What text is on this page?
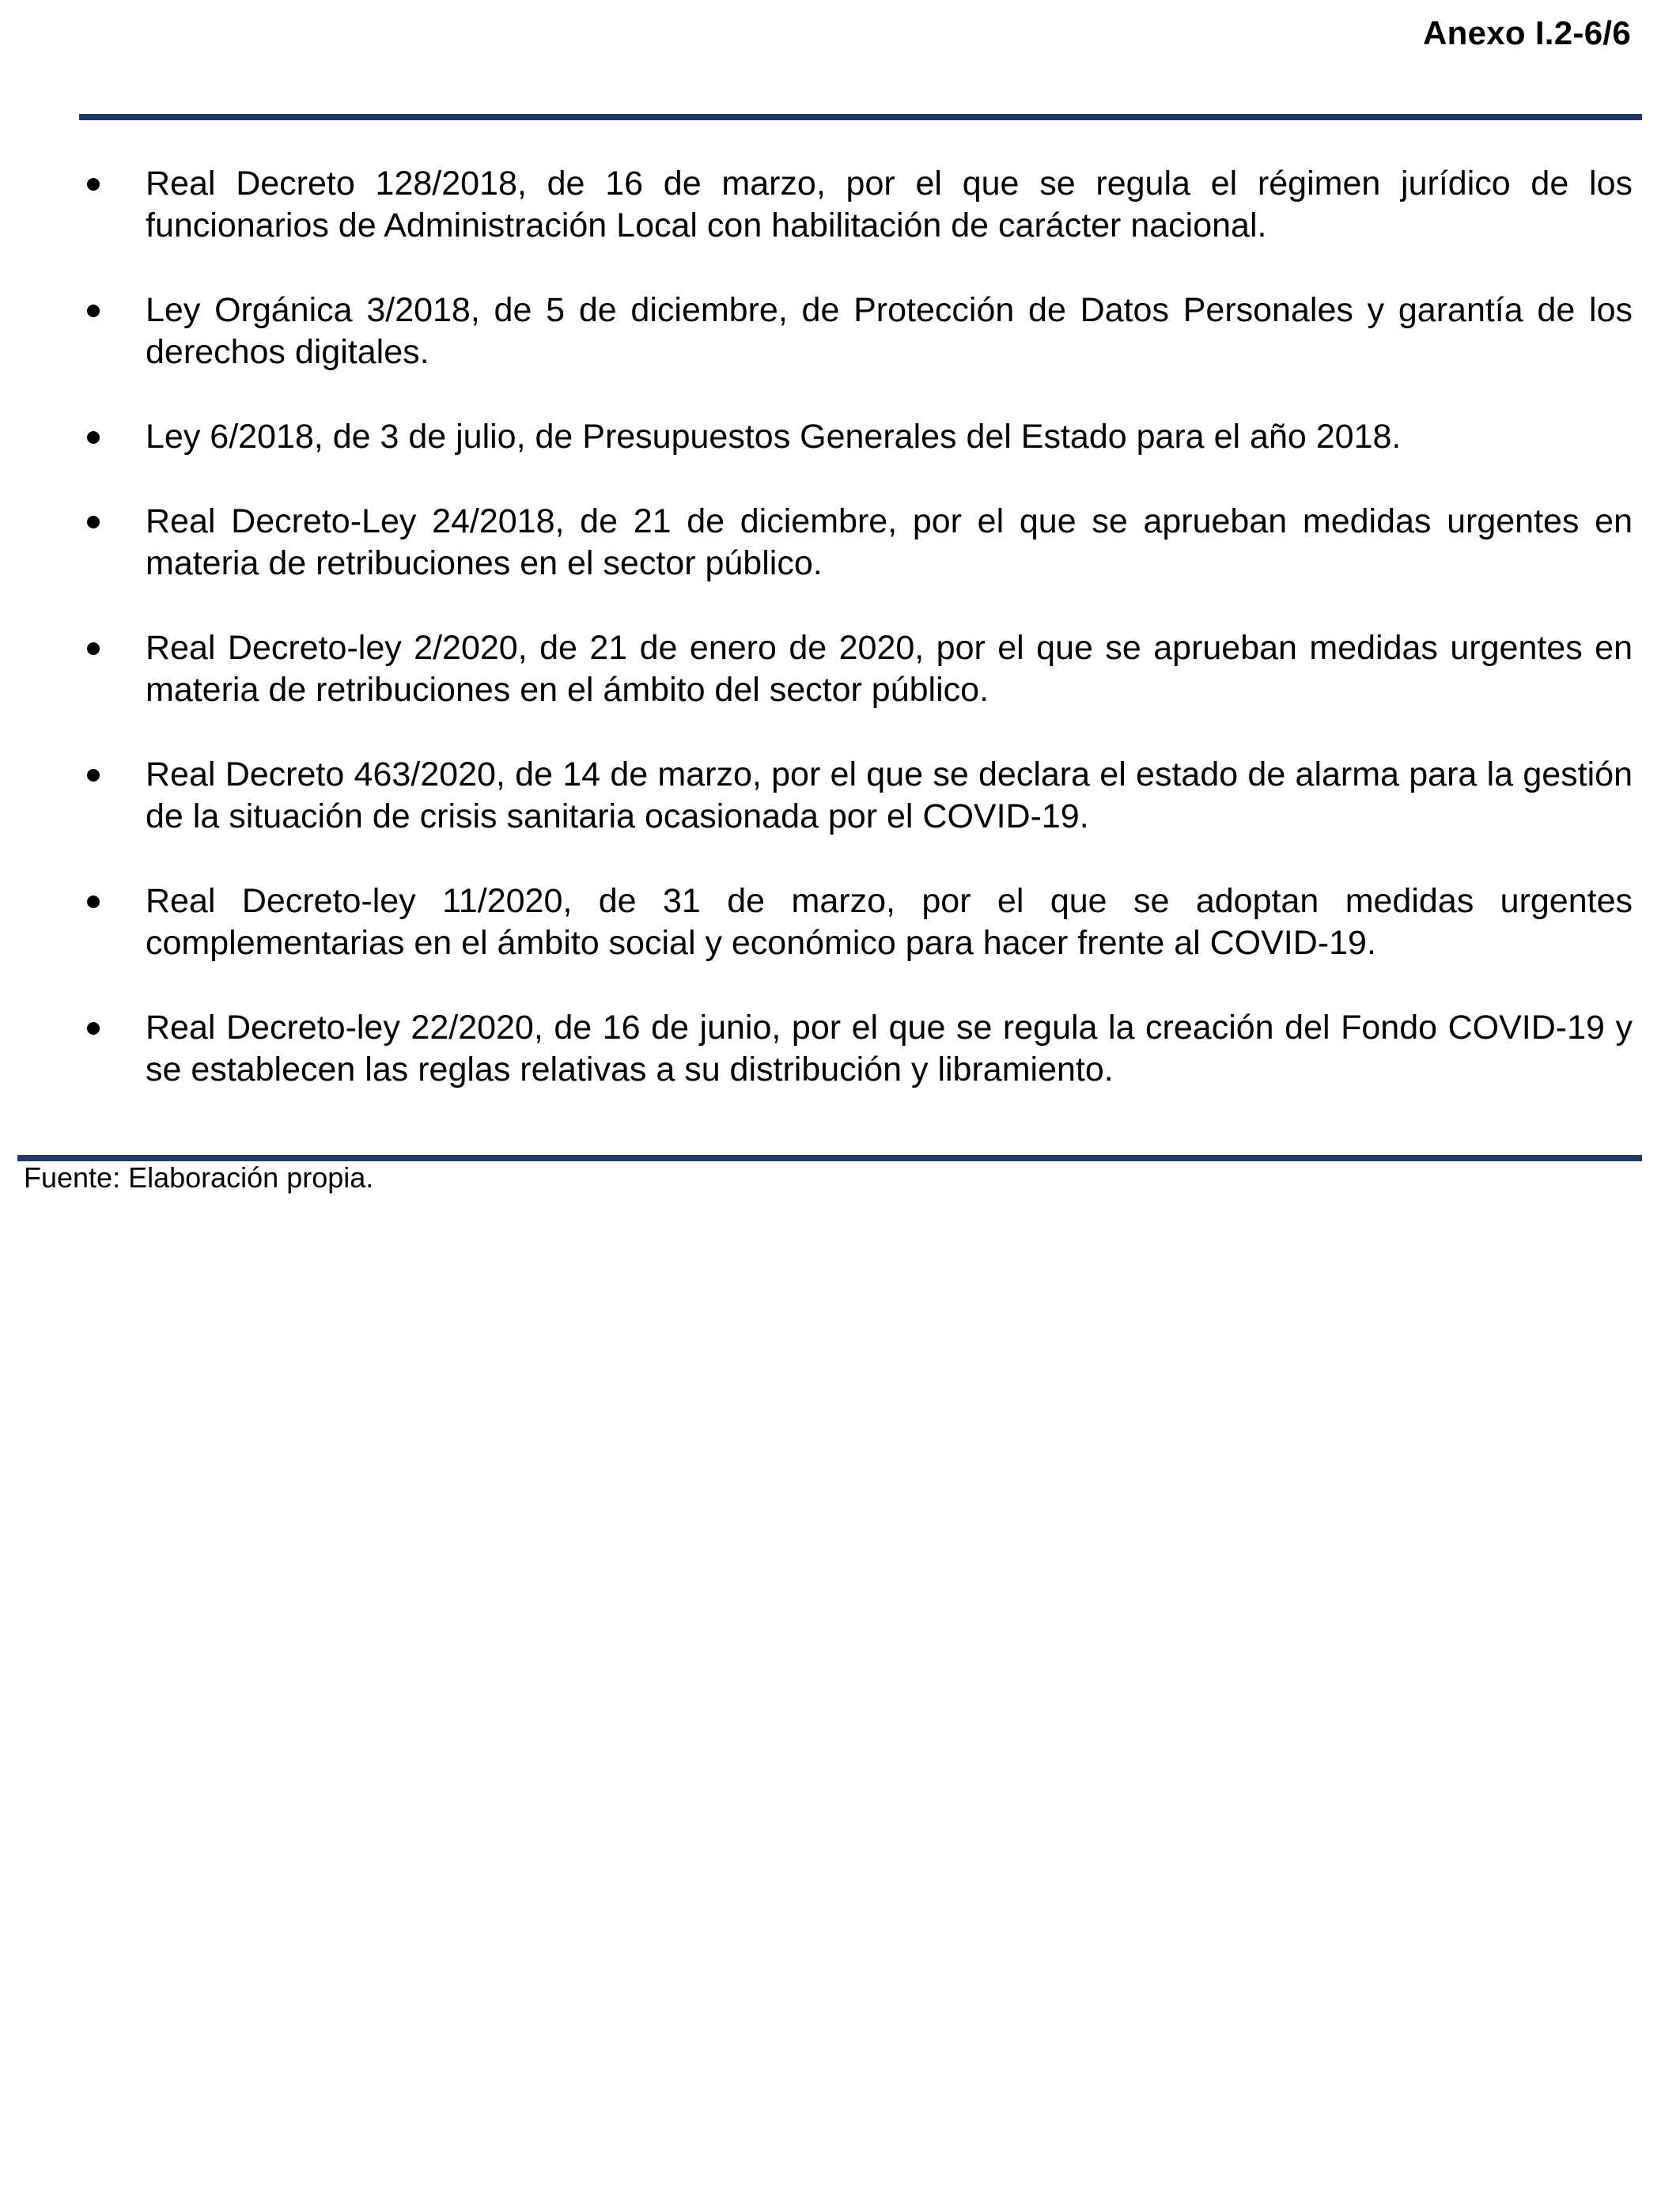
Anexo I.2-6/6
Real Decreto 128/2018, de 16 de marzo, por el que se regula el régimen jurídico de los funcionarios de Administración Local con habilitación de carácter nacional.
Ley Orgánica 3/2018, de 5 de diciembre, de Protección de Datos Personales y garantía de los derechos digitales.
Ley 6/2018, de 3 de julio, de Presupuestos Generales del Estado para el año 2018.
Real Decreto-Ley 24/2018, de 21 de diciembre, por el que se aprueban medidas urgentes en materia de retribuciones en el sector público.
Real Decreto-ley 2/2020, de 21 de enero de 2020, por el que se aprueban medidas urgentes en materia de retribuciones en el ámbito del sector público.
Real Decreto 463/2020, de 14 de marzo, por el que se declara el estado de alarma para la gestión de la situación de crisis sanitaria ocasionada por el COVID-19.
Real Decreto-ley 11/2020, de 31 de marzo, por el que se adoptan medidas urgentes complementarias en el ámbito social y económico para hacer frente al COVID-19.
Real Decreto-ley 22/2020, de 16 de junio, por el que se regula la creación del Fondo COVID-19 y se establecen las reglas relativas a su distribución y libramiento.
Fuente: Elaboración propia.
